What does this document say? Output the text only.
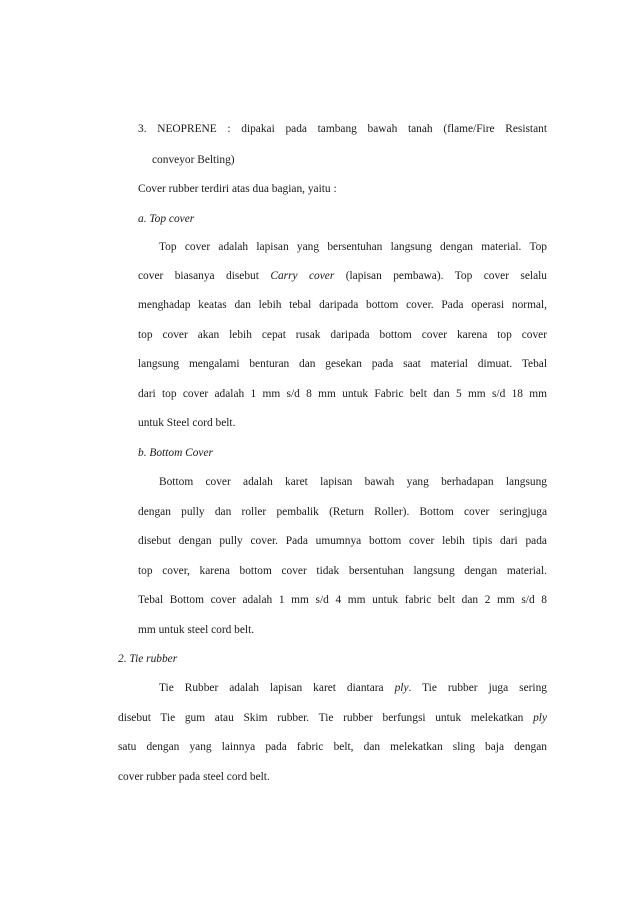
3. NEOPRENE : dipakai pada tambang bawah tanah (flame/Fire Resistant
conveyor Belting)
Cover rubber terdiri atas dua bagian, yaitu :
a. Top cover
Top cover adalah lapisan yang bersentuhan langsung dengan material. Top
cover biasanya disebut Carry cover (lapisan pembawa). Top cover selalu
menghadap keatas dan lebih tebal daripada bottom cover. Pada operasi normal,
top cover akan lebih cepat rusak daripada bottom cover karena top cover
langsung mengalami benturan dan gesekan pada saat material dimuat. Tebal
dari top cover adalah 1 mm s/d 8 mm untuk Fabric belt dan 5 mm s/d 18 mm
untuk Steel cord belt.
b. Bottom Cover
Bottom cover adalah karet lapisan bawah yang berhadapan langsung
dengan pully dan roller pembalik (Return Roller). Bottom cover seringjuga
disebut dengan pully cover. Pada umumnya bottom cover lebih tipis dari pada
top cover, karena bottom cover tidak bersentuhan langsung dengan material.
Tebal Bottom cover adalah 1 mm s/d 4 mm untuk fabric belt dan 2 mm s/d 8
mm untuk steel cord belt.
2. Tie rubber
Tie Rubber adalah lapisan karet diantara ply. Tie rubber juga sering
disebut Tie gum atau Skim rubber. Tie rubber berfungsi untuk melekatkan ply
satu dengan yang lainnya pada fabric belt, dan melekatkan sling baja dengan
cover rubber pada steel cord belt.
